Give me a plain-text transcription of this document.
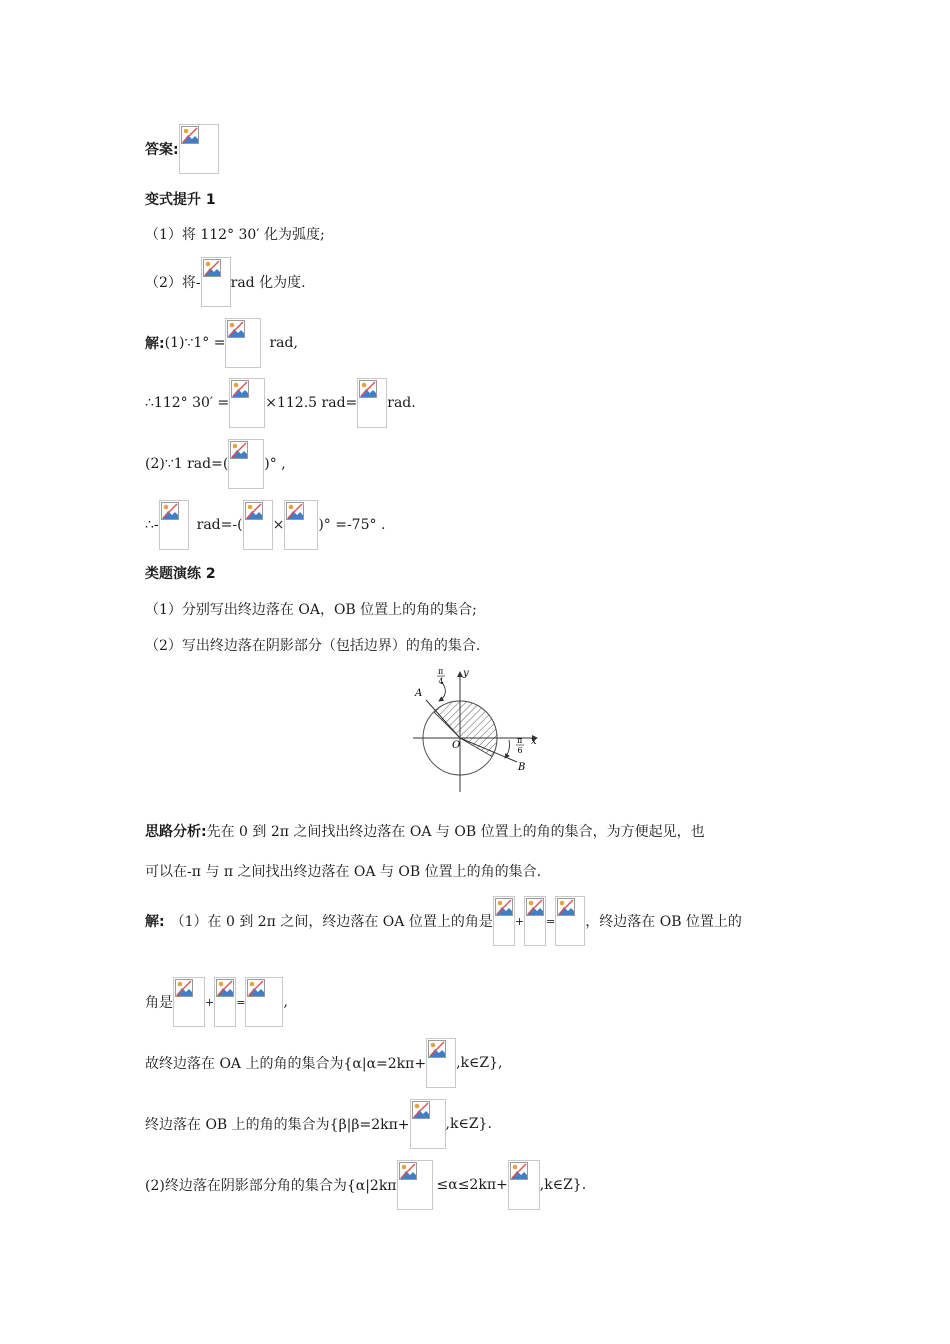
答案:
变式提升 1
（1）将 112° 30′ 化为弧度;
（2）将- rad 化为度.
解: (1)∵1° =	rad,
∴112° 30′ =	×112.5 rad= rad.
(2)∵1 rad=(	)° ,
∴-	rad=-( × )° =-75° .
类题演练 2
（1）分别写出终边落在 OA，OB 位置上的角的集合;
（2）写出终边落在阴影部分（包括边界）的角的集合.
y
x
O
A
B
π
4
π
6
思路分析: 先在 0 到 2π 之间找出终边落在 OA 与 OB 位置上的角的集合，为方便起见，也
可以在-π 与 π 之间找出终边落在 OA 与 OB 位置上的角的集合.
解: （1）在 0 到 2π 之间，终边落在 OA 位置上的角是 + = ，终边落在 OB 位置上的
角是	+ =	,
故终边落在 OA 上的角的集合为{α|α=2kπ+ ,k∈Z},
终边落在 OB 上的角的集合为{β|β=2kπ+	,k∈Z}.
(2)终边落在阴影部分角的集合为{α|2kπ	≤α≤2kπ+ ,k∈Z}.
